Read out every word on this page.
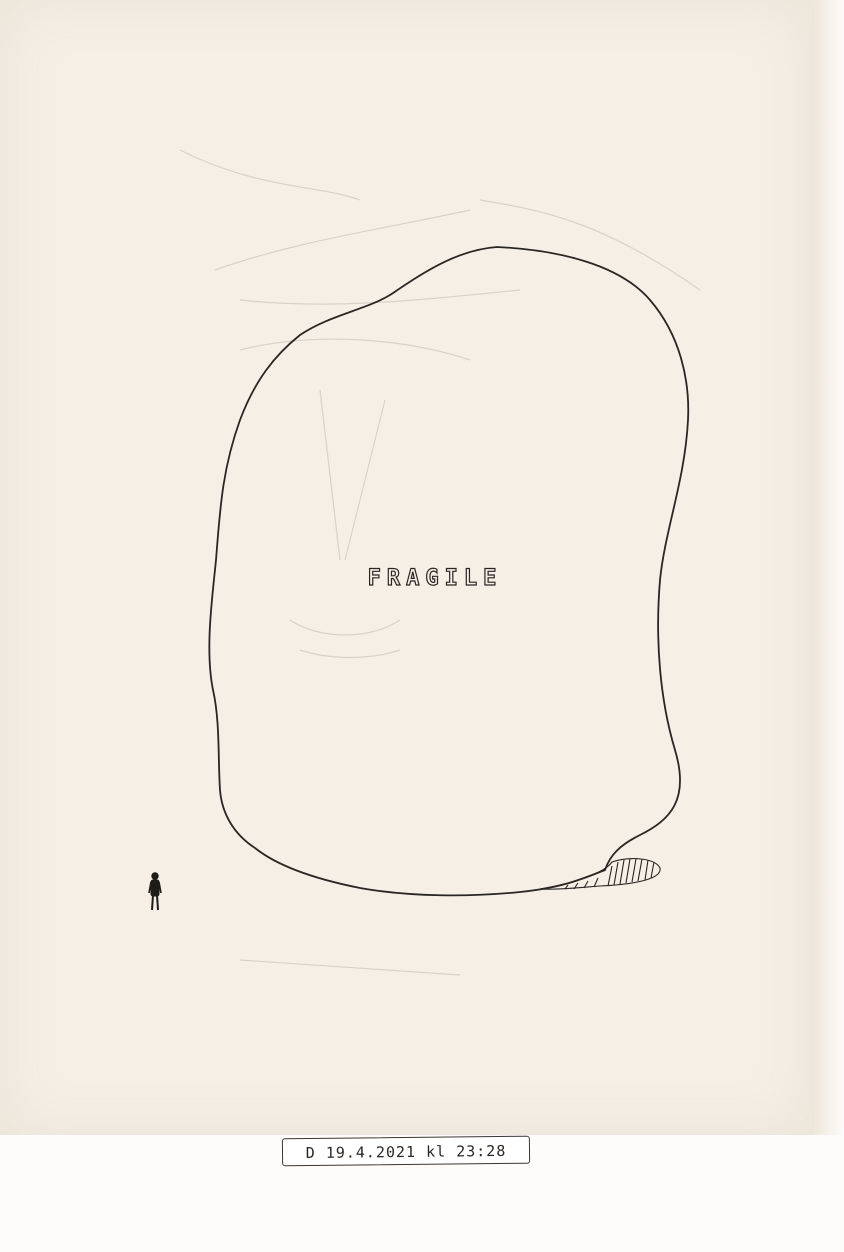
FRAGILE
D 19.4.2021 kl 23:28
